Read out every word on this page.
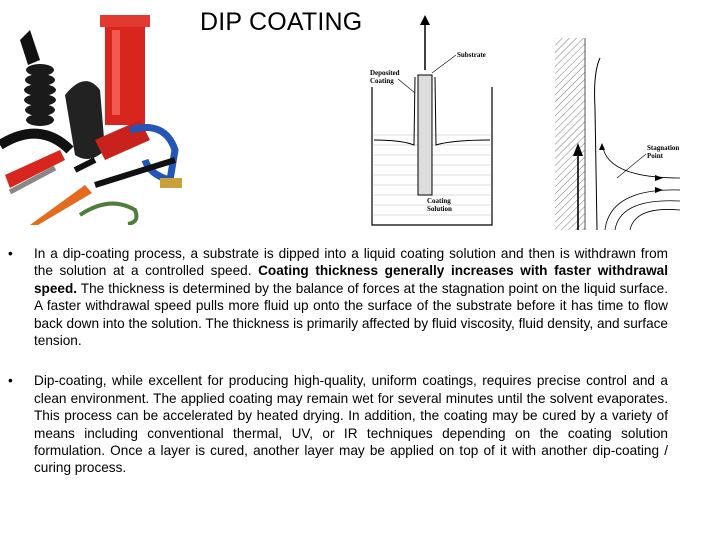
DIP COATING
Substrate
Deposited
Coating
Coating
Solution
Stagnation
Point
• In a dip-coating process, a substrate is dipped into a liquid coating solution and then is withdrawn from the solution at a controlled speed. Coating thickness generally increases with faster withdrawal speed. The thickness is determined by the balance of forces at the stagnation point on the liquid surface. A faster withdrawal speed pulls more fluid up onto the surface of the substrate before it has time to flow back down into the solution. The thickness is primarily affected by fluid viscosity, fluid density, and surface tension.
• Dip-coating, while excellent for producing high-quality, uniform coatings, requires precise control and a clean environment. The applied coating may remain wet for several minutes until the solvent evaporates. This process can be accelerated by heated drying. In addition, the coating may be cured by a variety of means including conventional thermal, UV, or IR techniques depending on the coating solution formulation. Once a layer is cured, another layer may be applied on top of it with another dip-coating / curing process.
